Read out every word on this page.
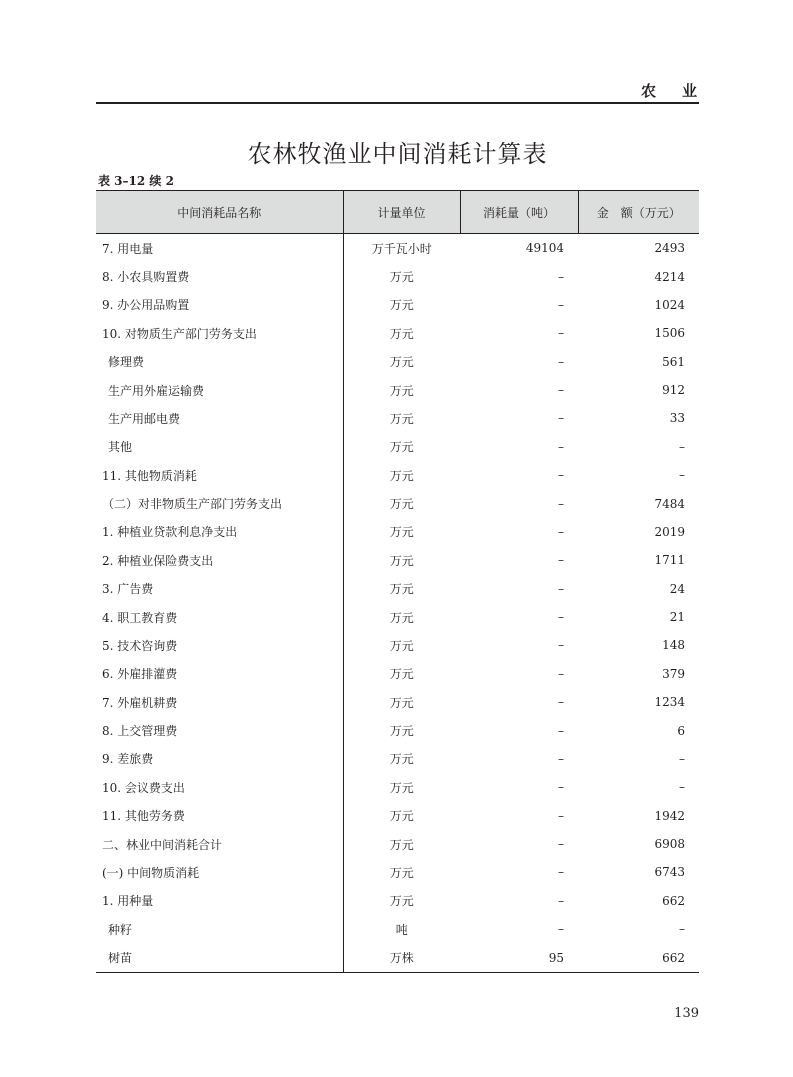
农业
农林牧渔业中间消耗计算表
表 3–12 续 2
中间消耗品名称	计量单位	消耗量（吨）	金　额（万元）
7. 用电量	万千瓦小时	49104	2493
8. 小农具购置费	万元	–	4214
9. 办公用品购置	万元	–	1024
10. 对物质生产部门劳务支出	万元	–	1506
修理费	万元	–	561
生产用外雇运输费	万元	–	912
生产用邮电费	万元	–	33
其他	万元	–	–
11. 其他物质消耗	万元	–	–
（二）对非物质生产部门劳务支出	万元	–	7484
1. 种植业贷款利息净支出	万元	–	2019
2. 种植业保险费支出	万元	–	1711
3. 广告费	万元	–	24
4. 职工教育费	万元	–	21
5. 技术咨询费	万元	–	148
6. 外雇排灌费	万元	–	379
7. 外雇机耕费	万元	–	1234
8. 上交管理费	万元	–	6
9. 差旅费	万元	–	–
10. 会议费支出	万元	–	–
11. 其他劳务费	万元	–	1942
二、林业中间消耗合计	万元	–	6908
(一) 中间物质消耗	万元	–	6743
1. 用种量	万元	–	662
种籽	吨	–	–
树苗	万株	95	662
139
